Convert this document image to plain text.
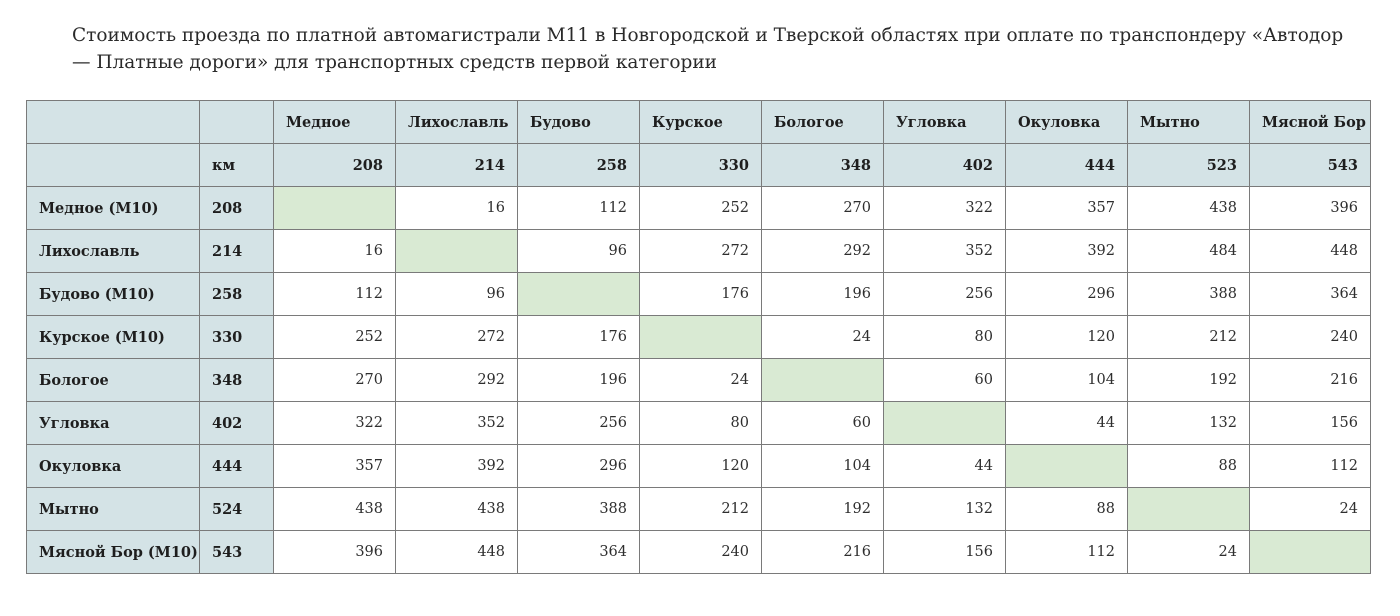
Стоимость проезда по платной автомагистрали М11 в Новгородской и Тверской областях при оплате по транспондеру «Автодор — Платные дороги» для транспортных средств первой категории
		Медное	Лихославль	Будово	Курское	Бологое	Угловка	Окуловка	Мытно	Мясной Бор
	км	208	214	258	330	348	402	444	523	543
Медное (М10)	208		16	112	252	270	322	357	438	396
Лихославль	214	16		96	272	292	352	392	484	448
Будово (М10)	258	112	96		176	196	256	296	388	364
Курское (М10)	330	252	272	176		24	80	120	212	240
Бологое	348	270	292	196	24		60	104	192	216
Угловка	402	322	352	256	80	60		44	132	156
Окуловка	444	357	392	296	120	104	44		88	112
Мытно	524	438	438	388	212	192	132	88		24
Мясной Бор (М10)	543	396	448	364	240	216	156	112	24	
